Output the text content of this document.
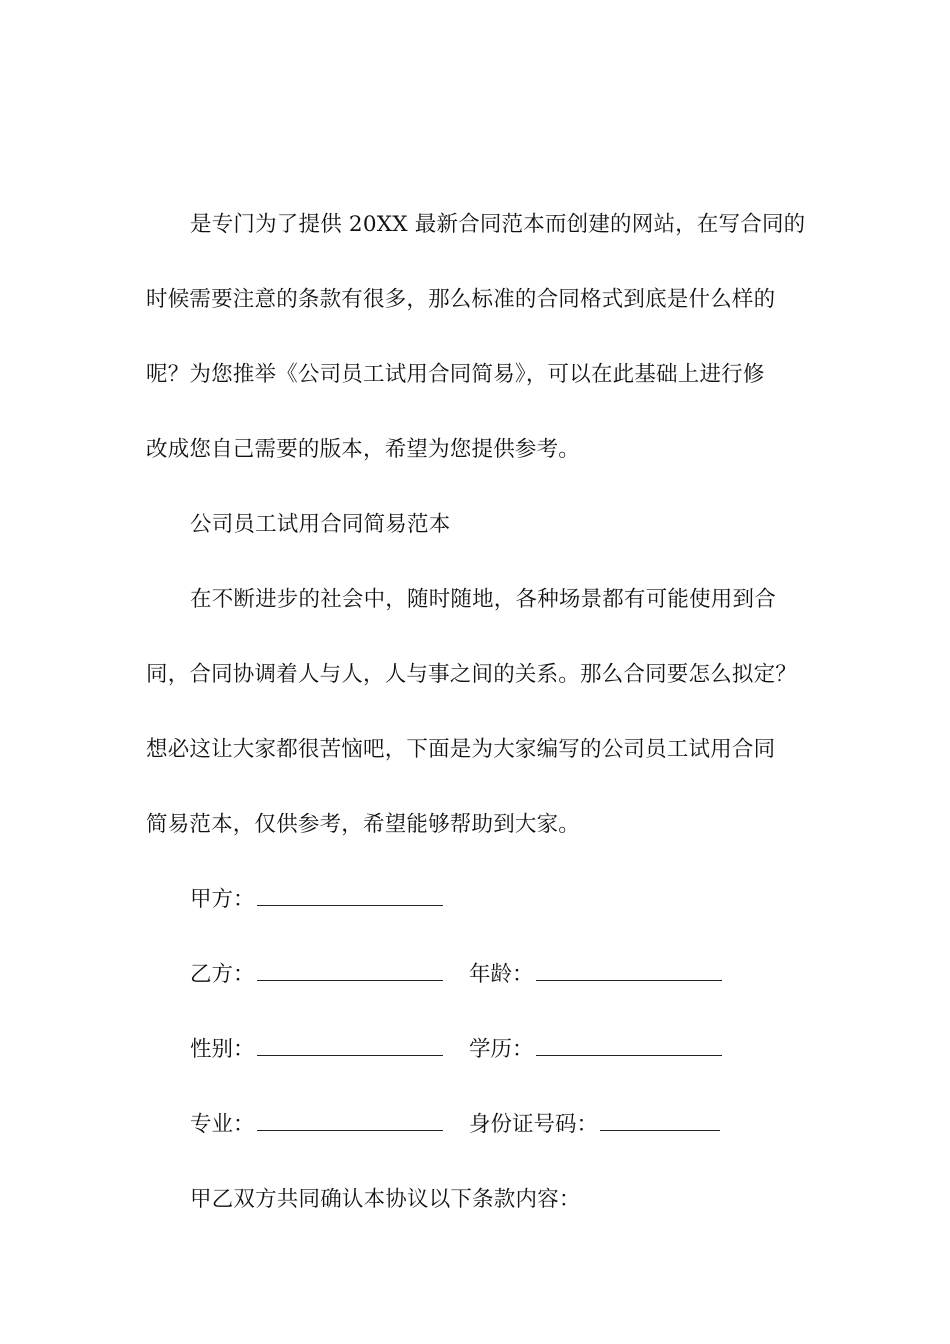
是专门为了提供 20XX 最新合同范本而创建的网站，在写合同的
时候需要注意的条款有很多，那么标准的合同格式到底是什么样的
呢？为您推举《公司员工试用合同简易》，可以在此基础上进行修
改成您自己需要的版本，希望为您提供参考。
公司员工试用合同简易范本
在不断进步的社会中，随时随地，各种场景都有可能使用到合
同，合同协调着人与人，人与事之间的关系。那么合同要怎么拟定？
想必这让大家都很苦恼吧，下面是为大家编写的公司员工试用合同
简易范本，仅供参考，希望能够帮助到大家。
甲方：
乙方：	年龄：
性别：	学历：
专业：	身份证号码：
甲乙双方共同确认本协议以下条款内容：
